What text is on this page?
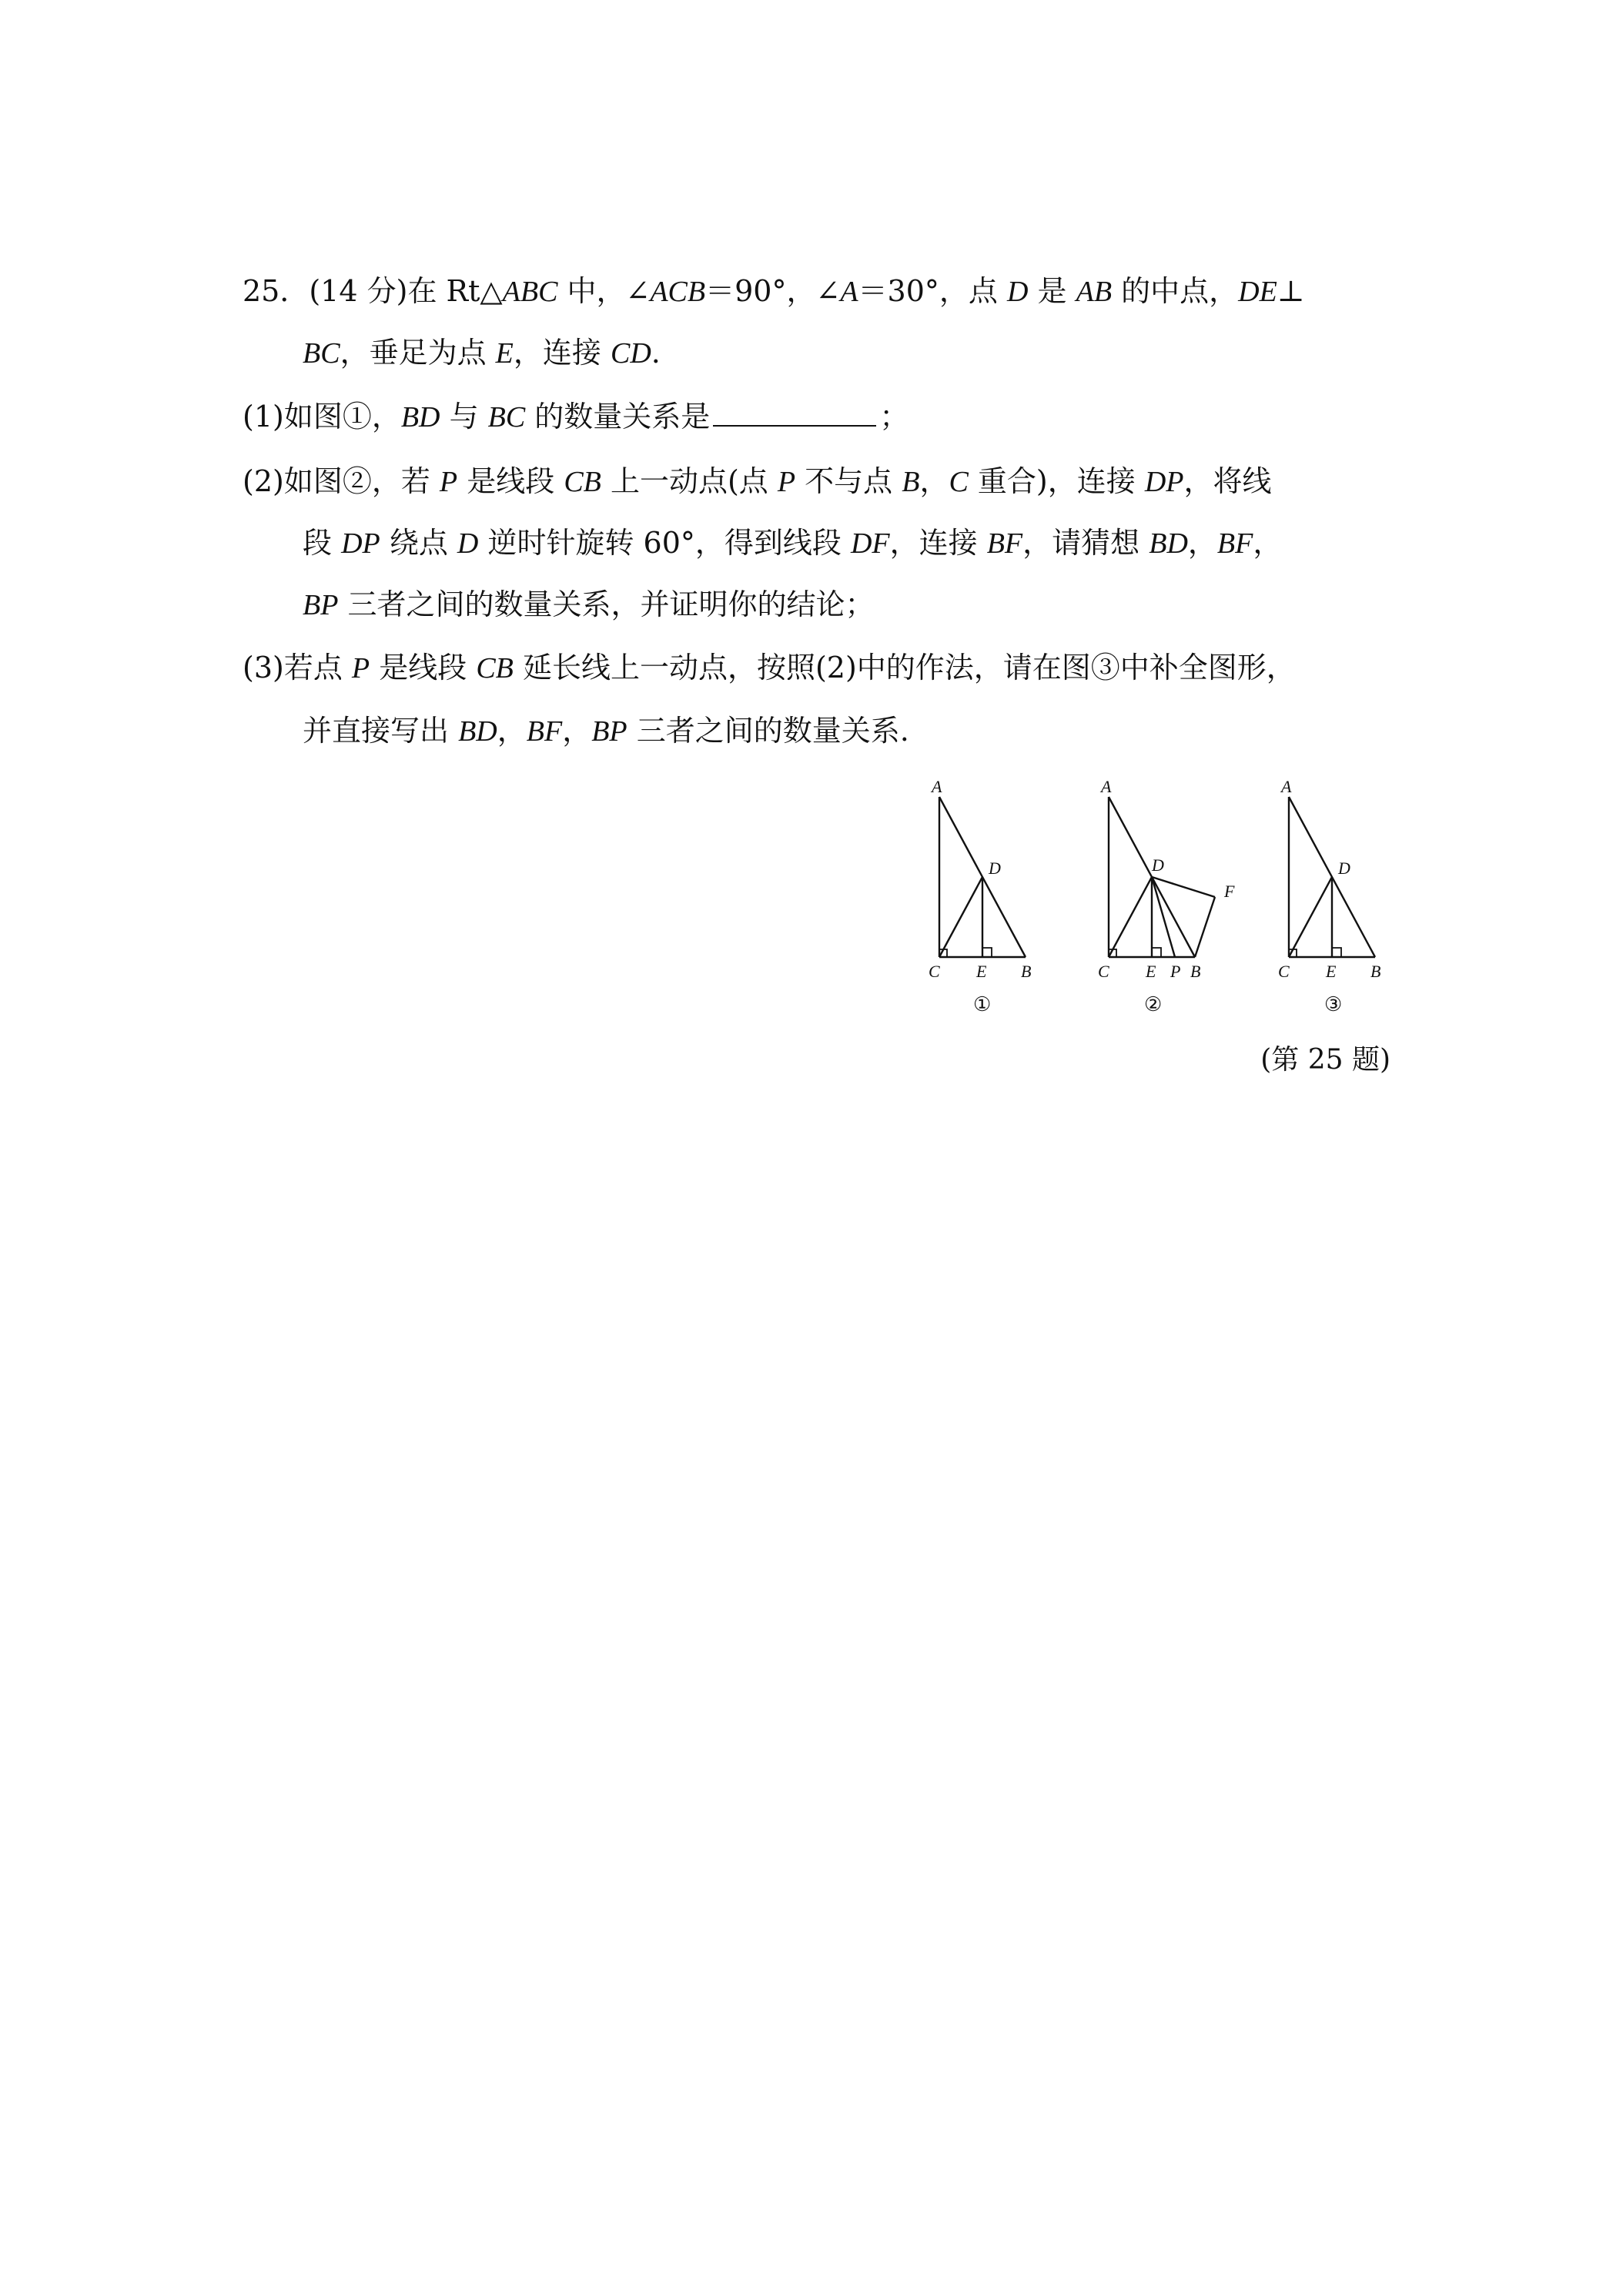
25．(14 分)在 Rt△ABC 中，∠ACB＝90°，∠A＝30°，点 D 是 AB 的中点，DE⊥
BC，垂足为点 E，连接 CD.
(1)如图①，BD 与 BC 的数量关系是	；
(2)如图②，若 P 是线段 CB 上一动点(点 P 不与点 B，C 重合)，连接 DP，将线
段 DP 绕点 D 逆时针旋转 60°，得到线段 DF，连接 BF，请猜想 BD，BF，
BP 三者之间的数量关系，并证明你的结论；
(3)若点 P 是线段 CB 延长线上一动点，按照(2)中的作法，请在图③中补全图形，
并直接写出 BD，BF，BP 三者之间的数量关系.
A
D
C E B
A
D
F
C E P B
A
D
C E B
①	②	③
(第 25 题)
